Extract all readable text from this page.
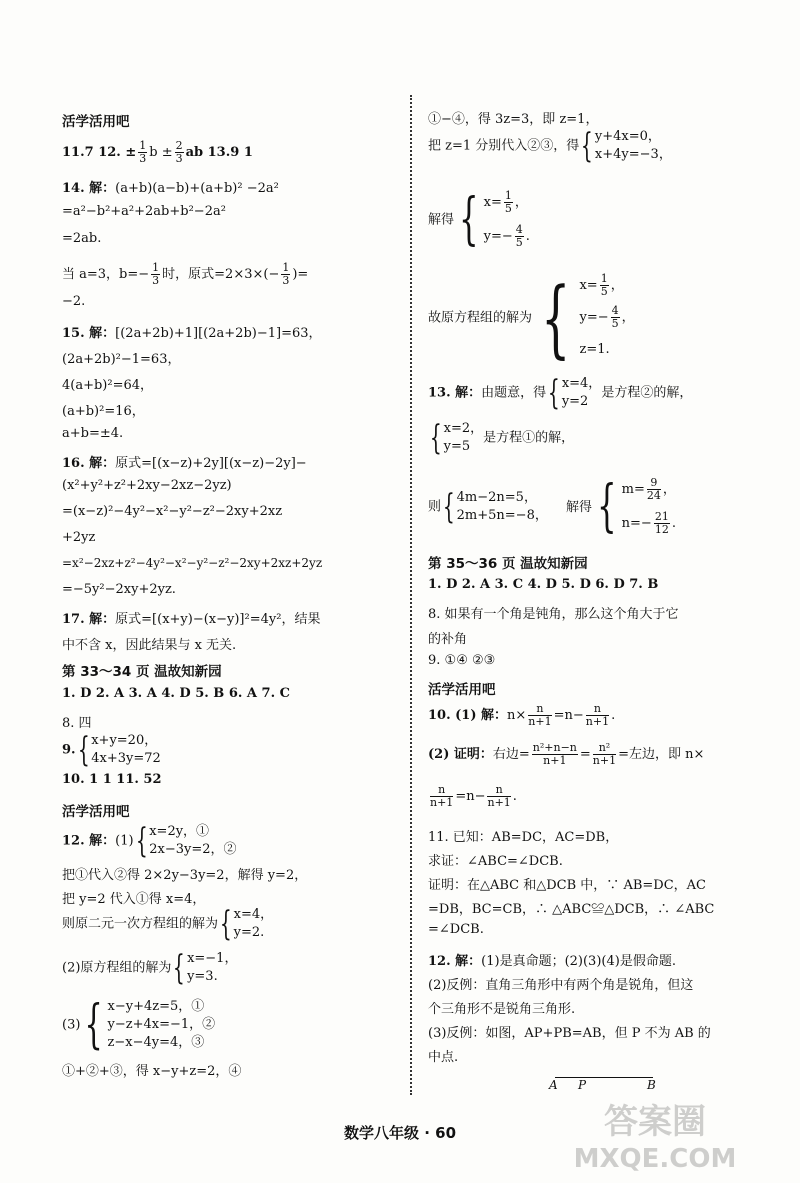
活学活用吧
11.7 12. ± $\frac{1}{3}$ $b \pm \frac{2}{3}$ ab 13.9 1
14. 解：(a+b)(a−b)+(a+b)² −2a²
=a²−b²+a²+2ab+b²−2a²
=2ab.
当 a=3，$b=- \frac{1}{3}$ 时，原式$=2\times 3\times(- \frac{1}{3}$ )=
−2.
15. 解：[(2a+2b)+1][(2a+2b)−1]=63，
(2a+2b)²−1=63，
4(a+b)²=64，
(a+b)²=16，
a+b=±4.
16. 解：原式=[(x−z)+2y][(x−z)−2y]−
(x²+y²+z²+2xy−2xz−2yz)
=(x−z)²−4y²−x²−y²−z²−2xy+2xz
+2yz
=x²−2xz+z²−4y²−x²−y²−z²−2xy+2xz+2yz
=−5y²−2xy+2yz.
17. 解：原式=[(x+y)−(x−y)]²=4y²，结果
中不含 x，因此结果与 x 无关.
第 33～34 页 温故知新园
1. D 2. A 3. A 4. D 5. B 6. A 7. C
8. 四
9.{ x+y=20，
4x+3y=72
10. 1 1 11. 52
活学活用吧
12. 解：(1){ x=2y，①
2x−3y=2，②
把①代入②得 2×2y−3y=2，解得 y=2，
把 y=2 代入①得 x=4，
则原二元一次方程组的解为{ x=4，
y=2.
(2)原方程组的解为{ x=−1，
y=3.
(3){ x−y+4z=5，①
y−z+4x=−1，②
z−x−4y=4，③
①+②+③，得 x−y+z=2，④
①−④，得 3z=3，即 z=1，
把 z=1 分别代入②③，得{ y+4x=0，
x+4y=−3，
解得{ $x= \frac{1}{5}$ ，
$y=- \frac{4}{5}$ .
故原方程组的解为 { $x= \frac{1}{5}$ ，
$y=- \frac{4}{5}$ ，
z=1.
13. 解：由题意，得{ x=4，
y=2
是方程②的解，
{ x=2，
y=5
是方程①的解，
则{ 4m−2n=5，
2m+5n=−8，
解得{ $m= \frac{9}{24}$ ，
$n=- \frac{21}{12}$ .
第 35～36 页 温故知新园
1. D 2. A 3. C 4. D 5. D 6. D 7. B
8. 如果有一个角是钝角，那么这个角大于它
的补角
9. ①④ ②③
活学活用吧
10. (1) 解：$n\times \frac{n}{n+1} =n- \frac{n}{n+1}$ .
(2) 证明：右边= $\frac{\text{n²+n−n}}{n+1} = \frac{\text{n²}}{n+1}$ =左边，即 n×
$\frac{n}{n+1} =n- \frac{n}{n+1}$ .
11. 已知：AB=DC，AC=DB，
求证：∠ABC=∠DCB.
证明：在△ABC 和△DCB 中，∵ AB=DC，AC
=DB，BC=CB，∴ △ABC≌△DCB，∴ ∠ABC
=∠DCB.
12. 解：(1)是真命题；(2)(3)(4)是假命题.
(2)反例：直角三角形中有两个角是锐角，但这
个三角形不是锐角三角形.
(3)反例：如图，AP+PB=AB，但 P 不为 AB 的
中点.
A P	B
数学八年级 · 60	答案圈
MXQE.COM
